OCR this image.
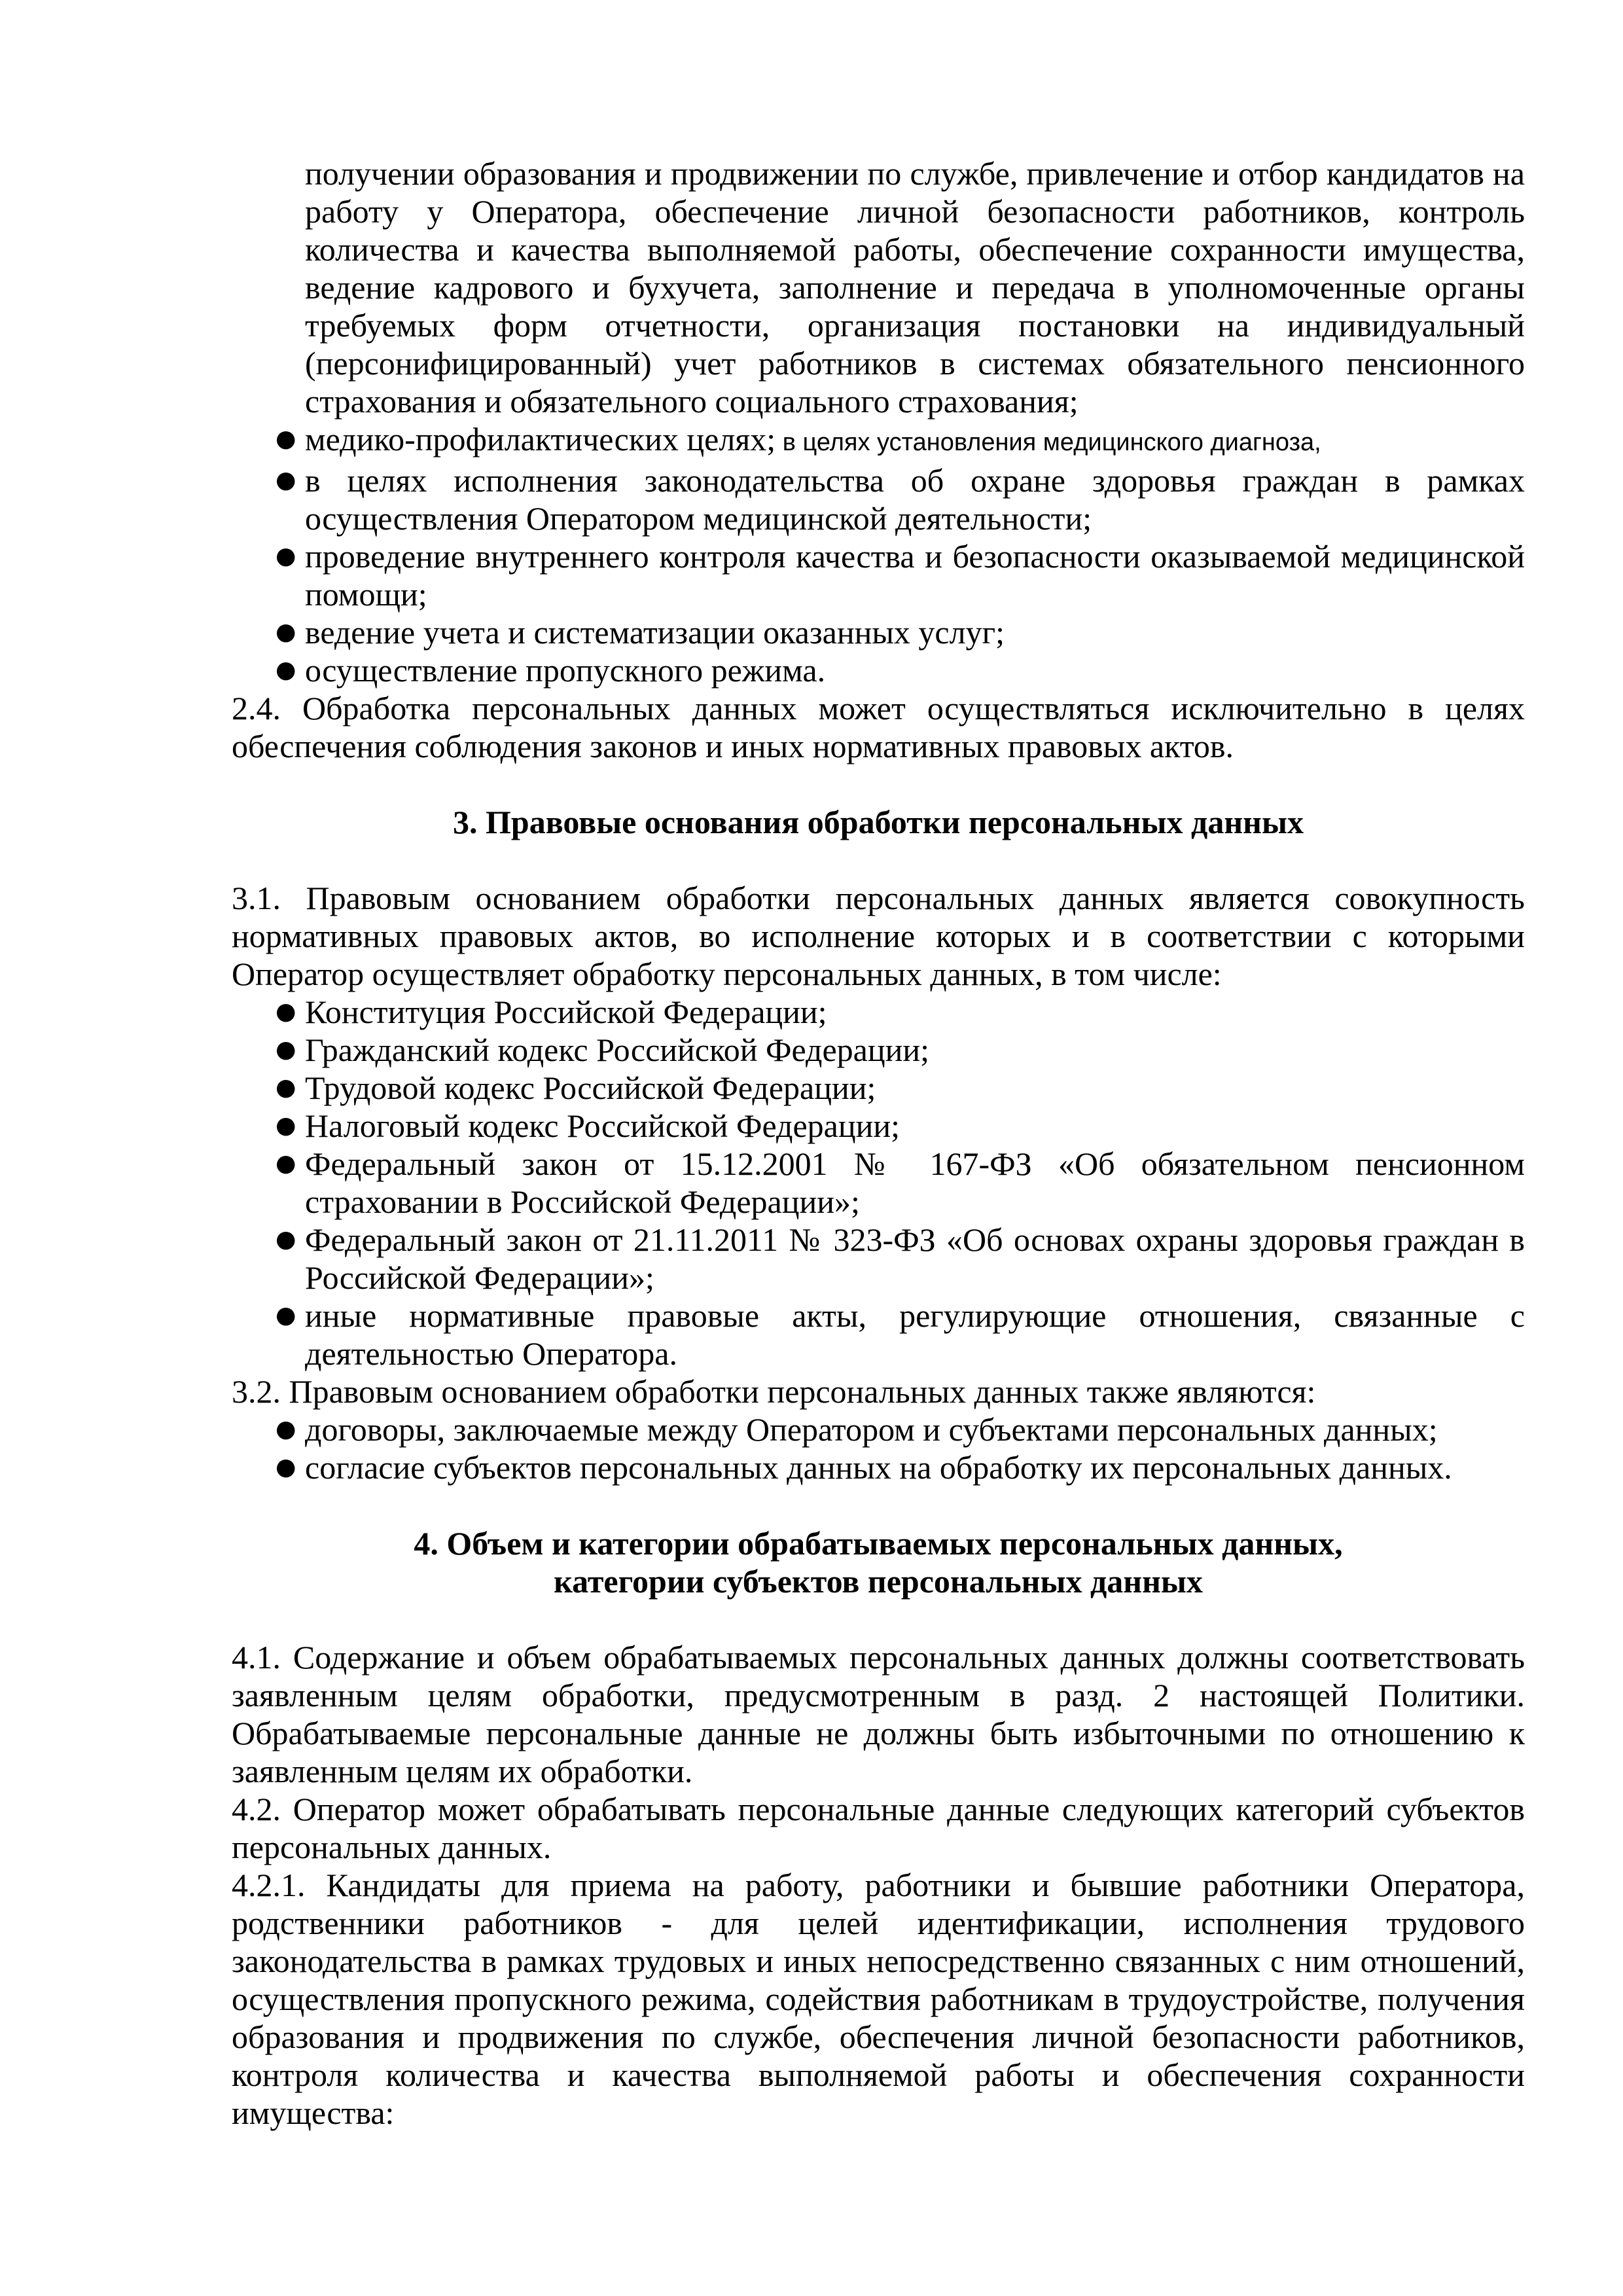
получении образования и продвижении по службе, привлечение и отбор кандидатов на работу у Оператора, обеспечение личной безопасности работников, контроль количества и качества выполняемой работы, обеспечение сохранности имущества, ведение кадрового и бухучета, заполнение и передача в уполномоченные органы требуемых форм отчетности, организация постановки на индивидуальный (персонифицированный) учет работников в системах обязательного пенсионного страхования и обязательного социального страхования;

● медико-профилактических целях; в целях установления медицинского диагноза,
● в целях исполнения законодательства об охране здоровья граждан в рамках осуществления Оператором медицинской деятельности;
● проведение внутреннего контроля качества и безопасности оказываемой медицинской помощи;
● ведение учета и систематизации оказанных услуг;
● осуществление пропускного режима.

2.4. Обработка персональных данных может осуществляться исключительно в целях обеспечения соблюдения законов и иных нормативных правовых актов.

3. Правовые основания обработки персональных данных

3.1. Правовым основанием обработки персональных данных является совокупность нормативных правовых актов, во исполнение которых и в соответствии с которыми Оператор осуществляет обработку персональных данных, в том числе:

● Конституция Российской Федерации;
● Гражданский кодекс Российской Федерации;
● Трудовой кодекс Российской Федерации;
● Налоговый кодекс Российской Федерации;
● Федеральный закон от 15.12.2001 № 167-ФЗ «Об обязательном пенсионном страховании в Российской Федерации»;
● Федеральный закон от 21.11.2011 № 323-ФЗ «Об основах охраны здоровья граждан в Российской Федерации»;
● иные нормативные правовые акты, регулирующие отношения, связанные с деятельностью Оператора.

3.2. Правовым основанием обработки персональных данных также являются:

● договоры, заключаемые между Оператором и субъектами персональных данных;
● согласие субъектов персональных данных на обработку их персональных данных.
4. Объем и категории обрабатываемых персональных данных,
категории субъектов персональных данных

4.1. Содержание и объем обрабатываемых персональных данных должны соответствовать заявленным целям обработки, предусмотренным в разд. 2 настоящей Политики. Обрабатываемые персональные данные не должны быть избыточными по отношению к заявленным целям их обработки.

4.2. Оператор может обрабатывать персональные данные следующих категорий субъектов персональных данных.

4.2.1. Кандидаты для приема на работу, работники и бывшие работники Оператора, родственники работников - для целей идентификации, исполнения трудового законодательства в рамках трудовых и иных непосредственно связанных с ним отношений, осуществления пропускного режима, содействия работникам в трудоустройстве, получения образования и продвижения по службе, обеспечения личной безопасности работников, контроля количества и качества выполняемой работы и обеспечения сохранности имущества:
